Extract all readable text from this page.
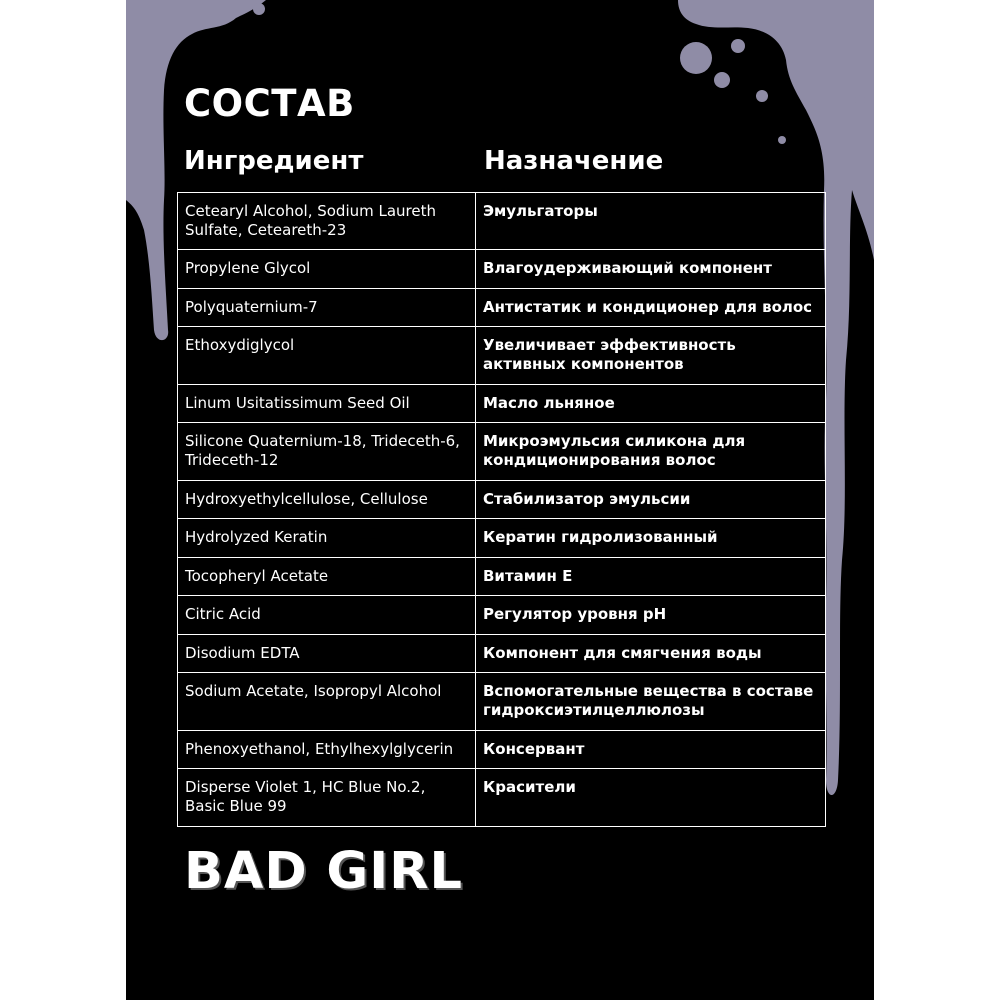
СОСТАВ
Ингредиент	Назначение
Cetearyl Alcohol, Sodium Laureth Sulfate, Ceteareth-23	Эмульгаторы
Propylene Glycol	Влагоудерживающий компонент
Polyquaternium-7	Антистатик и кондиционер для волос
Ethoxydiglycol	Увеличивает эффективность активных компонентов
Linum Usitatissimum Seed Oil	Масло льняное
Silicone Quaternium-18, Trideceth-6, Trideceth-12	Микроэмульсия силикона для кондиционирования волос
Hydroxyethylcellulose, Cellulose	Стабилизатор эмульсии
Hydrolyzed Keratin	Кератин гидролизованный
Tocopheryl Acetate	Витамин Е
Citric Acid	Регулятор уровня pH
Disodium EDTA	Компонент для смягчения воды
Sodium Acetate, Isopropyl Alcohol	Вспомогательные вещества в составе гидроксиэтилцеллюлозы
Phenoxyethanol, Ethylhexylglycerin	Консервант
Disperse Violet 1, HC Blue No.2, Basic Blue 99	Красители
BAD GIRL
